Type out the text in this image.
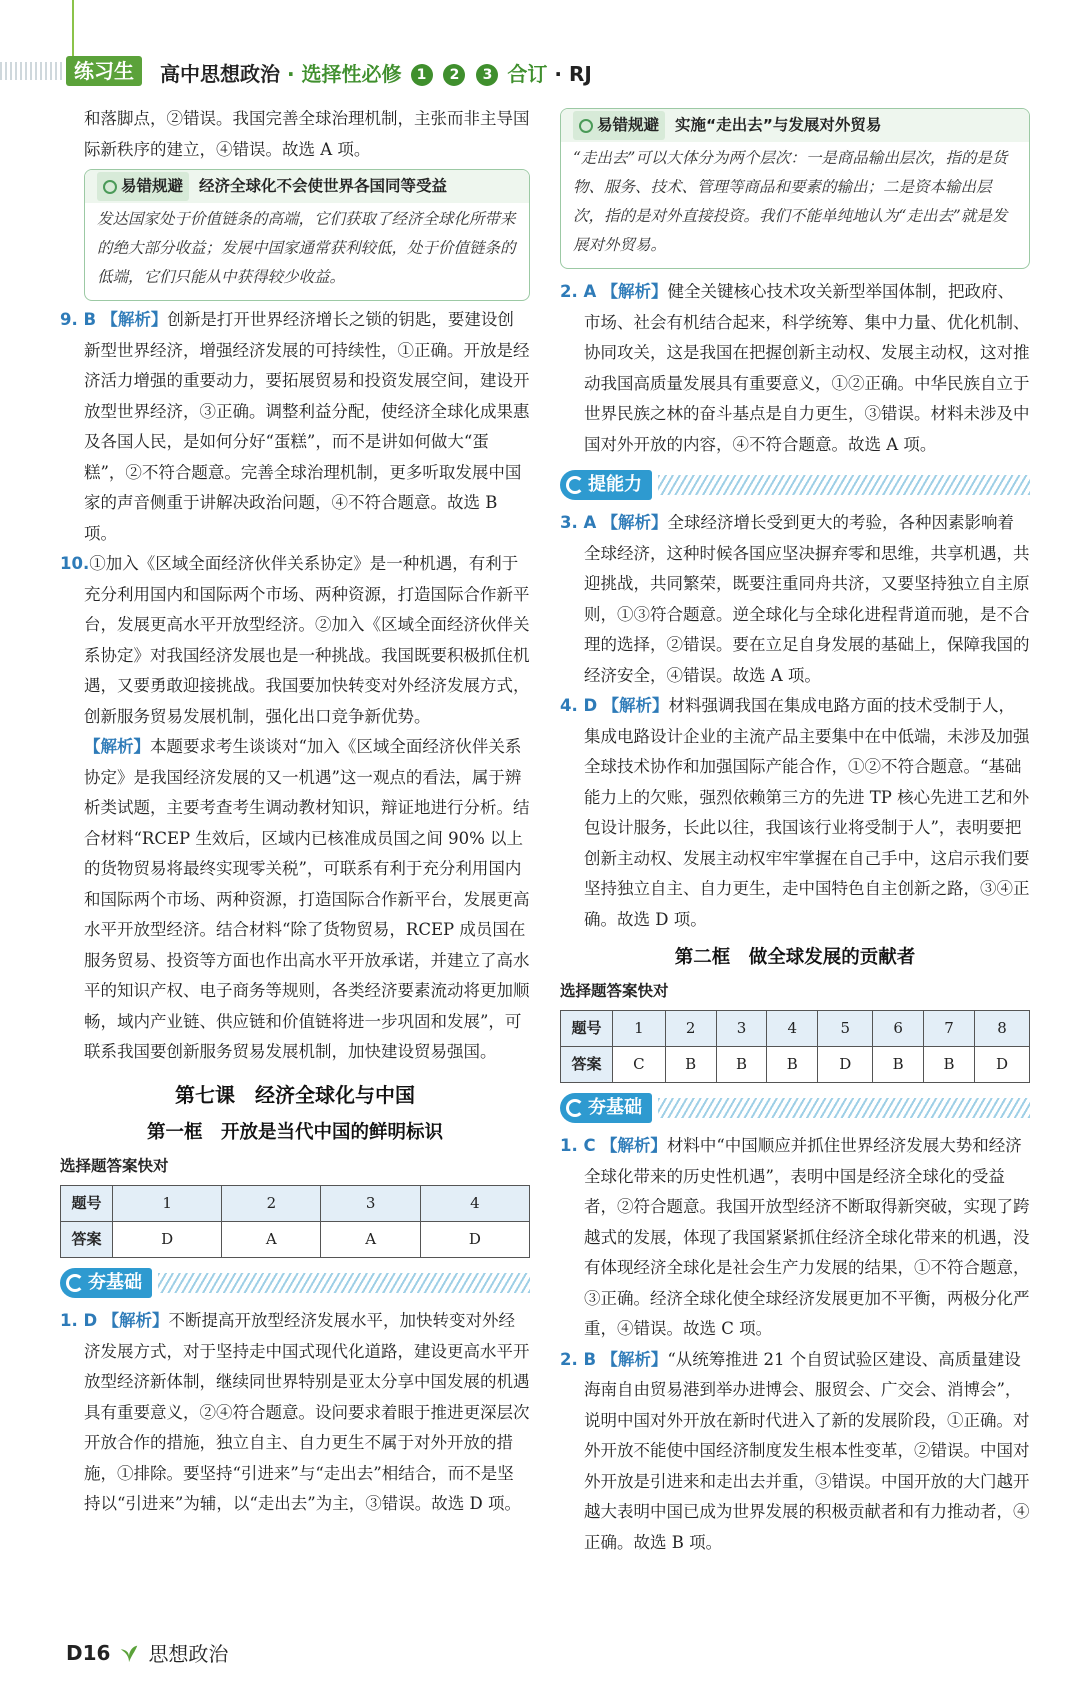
练习生	高中思想政治 · 选择性必修 1 2 3 合订 · RJ

和落脚点，②错误。我国完善全球治理机制，主张而非主导国际新秩序的建立，④错误。故选 A 项。

易错规避 经济全球化不会使世界各国同等受益
发达国家处于价值链条的高端，它们获取了经济全球化所带来的绝大部分收益；发展中国家通常获利较低，处于价值链条的低端，它们只能从中获得较少收益。

9. B 【解析】创新是打开世界经济增长之锁的钥匙，要建设创新型世界经济，增强经济发展的可持续性，①正确。开放是经济活力增强的重要动力，要拓展贸易和投资发展空间，建设开放型世界经济，③正确。调整利益分配，使经济全球化成果惠及各国人民，是如何分好“蛋糕”，而不是讲如何做大“蛋糕”，②不符合题意。完善全球治理机制，更多听取发展中国家的声音侧重于讲解决政治问题，④不符合题意。故选 B 项。

10.①加入《区域全面经济伙伴关系协定》是一种机遇，有利于充分利用国内和国际两个市场、两种资源，打造国际合作新平台，发展更高水平开放型经济。②加入《区域全面经济伙伴关系协定》对我国经济发展也是一种挑战。我国既要积极抓住机遇，又要勇敢迎接挑战。我国要加快转变对外经济发展方式，创新服务贸易发展机制，强化出口竞争新优势。

【解析】本题要求考生谈谈对“加入《区域全面经济伙伴关系协定》是我国经济发展的又一机遇”这一观点的看法，属于辨析类试题，主要考查考生调动教材知识，辩证地进行分析。结合材料“RCEP 生效后，区域内已核准成员国之间 90% 以上的货物贸易将最终实现零关税”，可联系有利于充分利用国内和国际两个市场、两种资源，打造国际合作新平台，发展更高水平开放型经济。结合材料“除了货物贸易，RCEP 成员国在服务贸易、投资等方面也作出高水平开放承诺，并建立了高水平的知识产权、电子商务等规则，各类经济要素流动将更加顺畅，域内产业链、供应链和价值链将进一步巩固和发展”，可联系我国要创新服务贸易发展机制，加快建设贸易强国。

第七课　经济全球化与中国
第一框　开放是当代中国的鲜明标识
选择题答案快对
题号	1	2	3	4
答案	D	A	A	D
夯基础

1. D 【解析】不断提高开放型经济发展水平，加快转变对外经济发展方式，对于坚持走中国式现代化道路，建设更高水平开放型经济新体制，继续同世界特别是亚太分享中国发展的机遇具有重要意义，②④符合题意。设问要求着眼于推进更深层次开放合作的措施，独立自主、自力更生不属于对外开放的措施，①排除。要坚持“引进来”与“走出去”相结合，而不是坚持以“引进来”为辅，以“走出去”为主，③错误。故选 D 项。

易错规避 实施“走出去”与发展对外贸易
“走出去”可以大体分为两个层次：一是商品输出层次，指的是货物、服务、技术、管理等商品和要素的输出；二是资本输出层次，指的是对外直接投资。我们不能单纯地认为“走出去”就是发展对外贸易。

2. A 【解析】健全关键核心技术攻关新型举国体制，把政府、市场、社会有机结合起来，科学统筹、集中力量、优化机制、协同攻关，这是我国在把握创新主动权、发展主动权，这对推动我国高质量发展具有重要意义，①②正确。中华民族自立于世界民族之林的奋斗基点是自力更生，③错误。材料未涉及中国对外开放的内容，④不符合题意。故选 A 项。

提能力

3. A 【解析】全球经济增长受到更大的考验，各种因素影响着全球经济，这种时候各国应坚决摒弃零和思维，共享机遇，共迎挑战，共同繁荣，既要注重同舟共济，又要坚持独立自主原则，①③符合题意。逆全球化与全球化进程背道而驰，是不合理的选择，②错误。要在立足自身发展的基础上，保障我国的经济安全，④错误。故选 A 项。

4. D 【解析】材料强调我国在集成电路方面的技术受制于人，集成电路设计企业的主流产品主要集中在中低端，未涉及加强全球技术协作和加强国际产能合作，①②不符合题意。“基础能力上的欠账，强烈依赖第三方的先进 TP 核心先进工艺和外包设计服务，长此以往，我国该行业将受制于人”，表明要把创新主动权、发展主动权牢牢掌握在自己手中，这启示我们要坚持独立自主、自力更生，走中国特色自主创新之路，③④正确。故选 D 项。

第二框　做全球发展的贡献者
选择题答案快对
题号	1	2	3	4	5	6	7	8
答案	C	B	B	B	D	B	B	D
夯基础

1. C 【解析】材料中“中国顺应并抓住世界经济发展大势和经济全球化带来的历史性机遇”，表明中国是经济全球化的受益者，②符合题意。我国开放型经济不断取得新突破，实现了跨越式的发展，体现了我国紧紧抓住经济全球化带来的机遇，没有体现经济全球化是社会生产力发展的结果，①不符合题意，③正确。经济全球化使全球经济发展更加不平衡，两极分化严重，④错误。故选 C 项。

2. B 【解析】“从统筹推进 21 个自贸试验区建设、高质量建设海南自由贸易港到举办进博会、服贸会、广交会、消博会”，说明中国对外开放在新时代进入了新的发展阶段，①正确。对外开放不能使中国经济制度发生根本性变革，②错误。中国对外开放是引进来和走出去并重，③错误。中国开放的大门越开越大表明中国已成为世界发展的积极贡献者和有力推动者，④正确。故选 B 项。

D16 思想政治
